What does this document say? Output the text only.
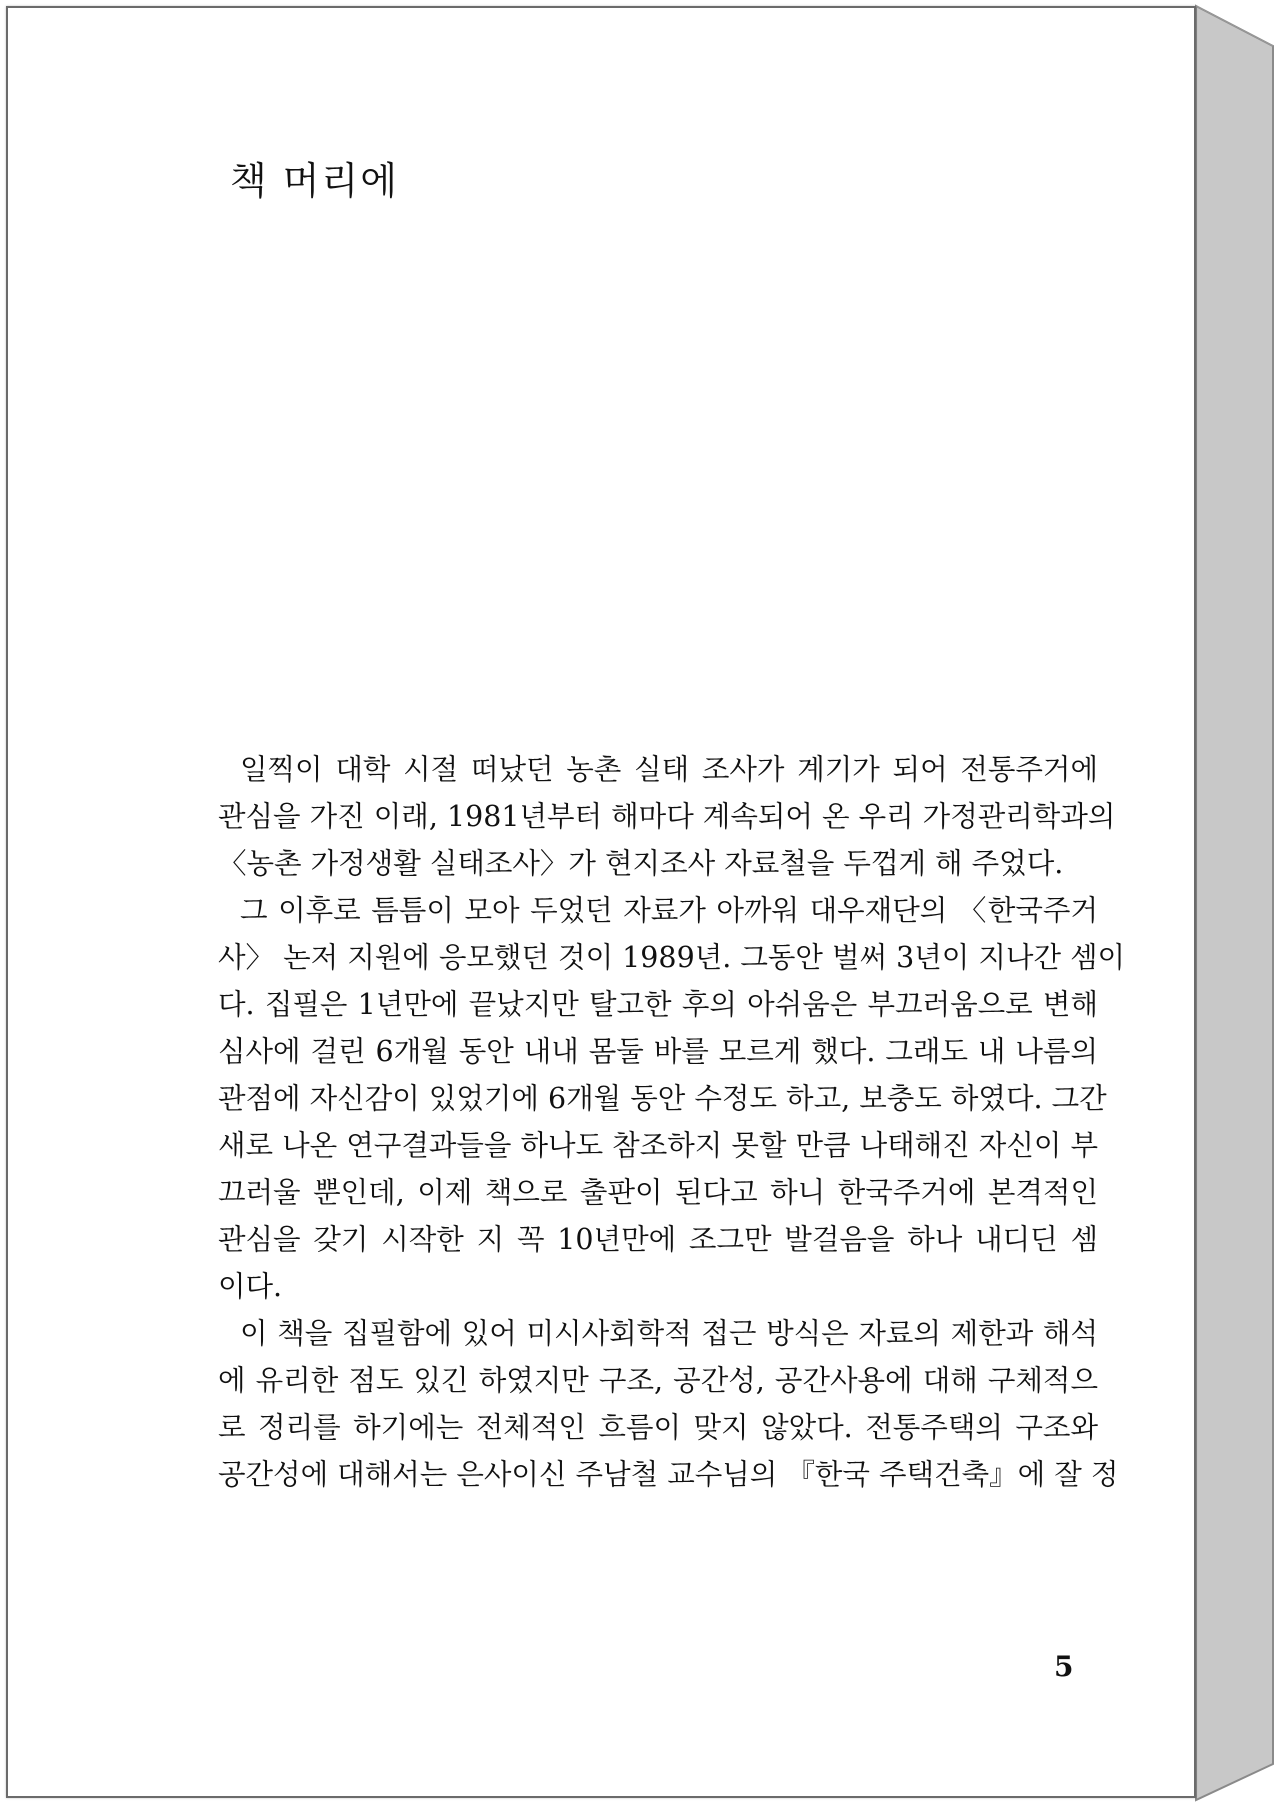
책 머리에
일찍이 대학 시절 떠났던 농촌 실태 조사가 계기가 되어 전통주거에
관심을 가진 이래, 1981년부터 해마다 계속되어 온 우리 가정관리학과의
〈농촌 가정생활 실태조사〉가 현지조사 자료철을 두껍게 해 주었다.
그 이후로 틈틈이 모아 두었던 자료가 아까워 대우재단의 〈한국주거
사〉 논저 지원에 응모했던 것이 1989년. 그동안 벌써 3년이 지나간 셈이
다. 집필은 1년만에 끝났지만 탈고한 후의 아쉬움은 부끄러움으로 변해
심사에 걸린 6개월 동안 내내 몸둘 바를 모르게 했다. 그래도 내 나름의
관점에 자신감이 있었기에 6개월 동안 수정도 하고, 보충도 하였다. 그간
새로 나온 연구결과들을 하나도 참조하지 못할 만큼 나태해진 자신이 부
끄러울 뿐인데, 이제 책으로 출판이 된다고 하니 한국주거에 본격적인
관심을 갖기 시작한 지 꼭 10년만에 조그만 발걸음을 하나 내디딘 셈
이다.
이 책을 집필함에 있어 미시사회학적 접근 방식은 자료의 제한과 해석
에 유리한 점도 있긴 하였지만 구조, 공간성, 공간사용에 대해 구체적으
로 정리를 하기에는 전체적인 흐름이 맞지 않았다. 전통주택의 구조와
공간성에 대해서는 은사이신 주남철 교수님의 『한국 주택건축』에 잘 정
5
